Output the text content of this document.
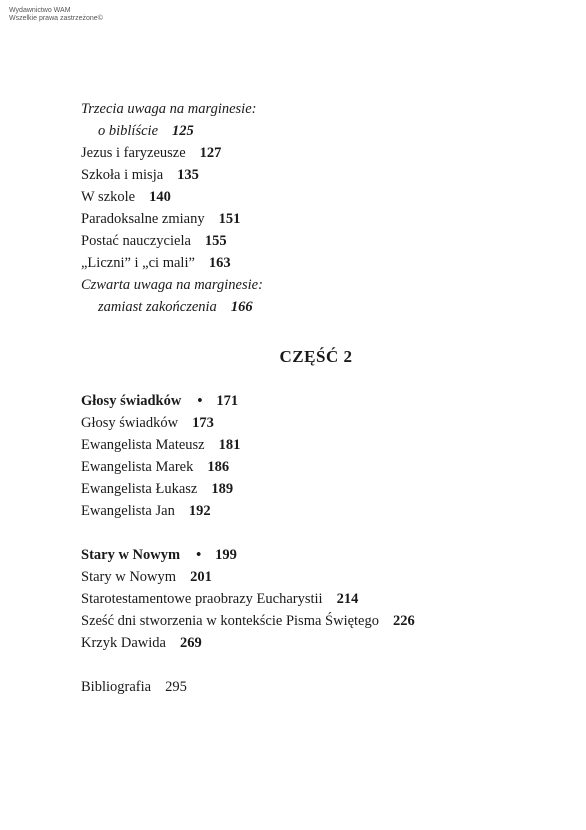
Wydawnictwo WAM
Wszelkie prawa zastrzeżone©
Trzecia uwaga na marginesie:
o biblíście 125
Jezus i faryzeusze 127
Szkoła i misja 135
W szkole 140
Paradoksalne zmiany 151
Postać nauczyciela 155
„Liczni” i „ci mali” 163
Czwarta uwaga na marginesie:
zamiast zakończenia 166
CZĘŚĆ 2
Głosy świadków • 171
Głosy świadków 173
Ewangelista Mateusz 181
Ewangelista Marek 186
Ewangelista Łukasz 189
Ewangelista Jan 192
Stary w Nowym • 199
Stary w Nowym 201
Starotestamentowe praobrazy Eucharystii 214
Sześć dni stworzenia w kontekście Pisma Świętego 226
Krzyk Dawida 269
Bibliografia 295
